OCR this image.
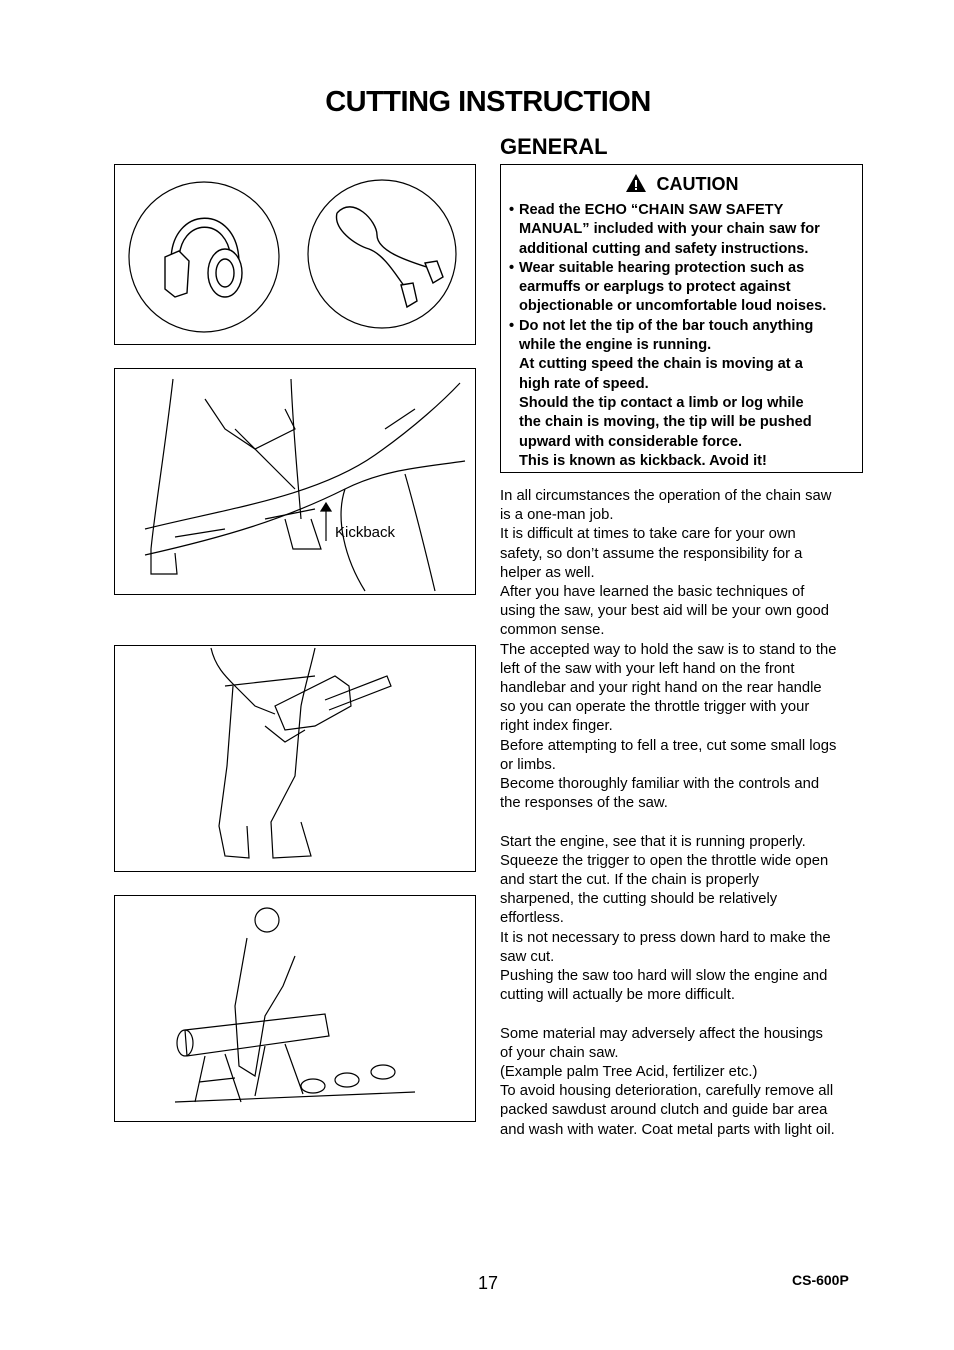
CUTTING INSTRUCTION
GENERAL
Kickback
CAUTION
• Read the ECHO “CHAIN SAW SAFETY
MANUAL” included with your chain saw for
additional cutting and safety instructions.
• Wear suitable hearing protection such as
earmuffs or earplugs to protect against
objectionable or uncomfortable loud noises.
• Do not let the tip of the bar touch anything
while the engine is running.
At cutting speed the chain is moving at a
high rate of speed.
Should the tip contact a limb or log while
the chain is moving, the tip will be pushed
upward with considerable force.
This is known as kickback. Avoid it!

In all circumstances the operation of the chain saw

is a one-man job.

It is difficult at times to take care for your own

safety, so don’t assume the responsibility for a

helper as well.

After you have learned the basic techniques of

using the saw, your best aid will be your own good

common sense.

The accepted way to hold the saw is to stand to the

left of the saw with your left hand on the front

handlebar and your right hand on the rear handle

so you can operate the throttle trigger with your

right index finger.

Before attempting to fell a tree, cut some small logs

or limbs.

Become thoroughly familiar with the controls and

the responses of the saw.

Start the engine, see that it is running properly.

Squeeze the trigger to open the throttle wide open

and start the cut. If the chain is properly

sharpened, the cutting should be relatively

effortless.

It is not necessary to press down hard to make the

saw cut.

Pushing the saw too hard will slow the engine and

cutting will actually be more difficult.

Some material may adversely affect the housings

of your chain saw.

(Example palm Tree Acid, fertilizer etc.)

To avoid housing deterioration, carefully remove all

packed sawdust around clutch and guide bar area

and wash with water. Coat metal parts with light oil.

17	CS-600P
